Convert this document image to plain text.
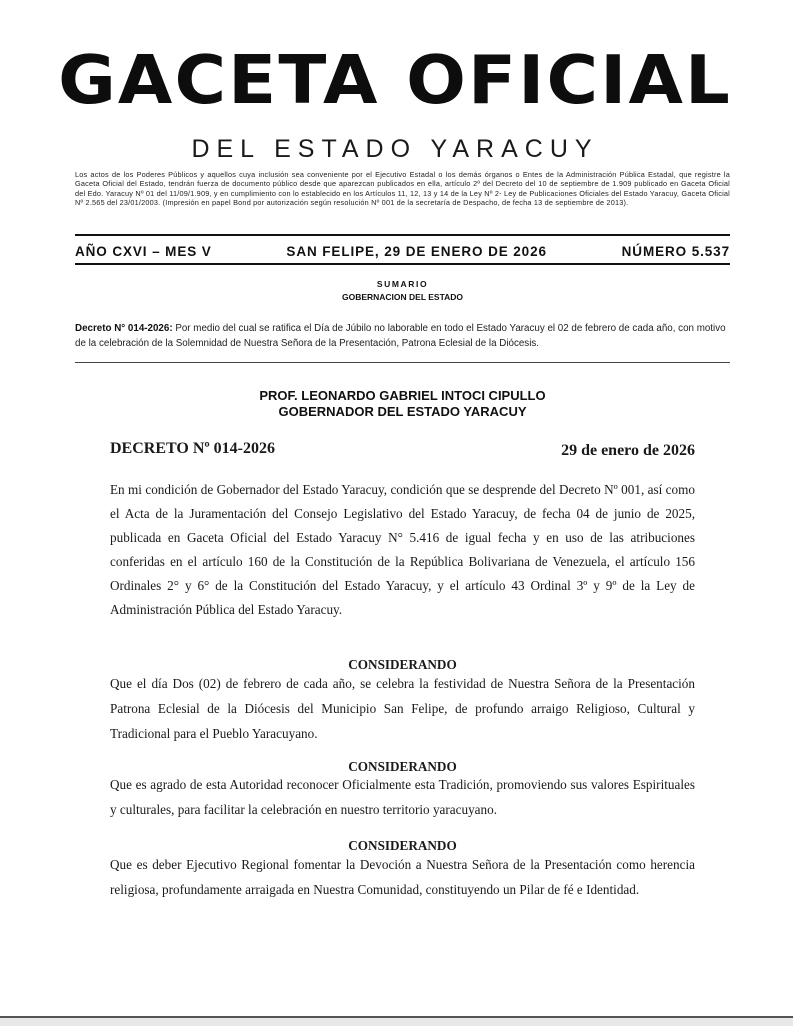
GACETA OFICIAL
DEL ESTADO YARACUY
Los actos de los Poderes Públicos y aquellos cuya inclusión sea conveniente por el Ejecutivo Estadal o los demás órganos o Entes de la Administración Pública Estadal, que registre la Gaceta Oficial del Estado, tendrán fuerza de documento público desde que aparezcan publicados en ella, artículo 2º del Decreto del 10 de septiembre de 1.909 publicado en Gaceta Oficial del Edo. Yaracuy Nº 01 del 11/09/1.909, y en cumplimiento con lo establecido en los Artículos 11, 12, 13 y 14 de la Ley Nº 2- Ley de Publicaciones Oficiales del Estado Yaracuy, Gaceta Oficial Nº 2.565 del 23/01/2003. (Impresión en papel Bond por autorización según resolución Nº 001 de la secretaría de Despacho, de fecha 13 de septiembre de 2013).
AÑO CXVI – MES V	SAN FELIPE, 29 DE ENERO DE 2026	NÚMERO 5.537
SUMARIO
GOBERNACION DEL ESTADO
Decreto N° 014-2026: Por medio del cual se ratifica el Día de Júbilo no laborable en todo el Estado Yaracuy el 02 de febrero de cada año, con motivo de la celebración de la Solemnidad de Nuestra Señora de la Presentación, Patrona Eclesial de la Diócesis.
PROF. LEONARDO GABRIEL INTOCI CIPULLO
GOBERNADOR DEL ESTADO YARACUY
DECRETO Nº 014-2026	29 de enero de 2026
En mi condición de Gobernador del Estado Yaracuy, condición que se desprende del Decreto Nº 001, así como el Acta de la Juramentación del Consejo Legislativo del Estado Yaracuy, de fecha 04 de junio de 2025, publicada en Gaceta Oficial del Estado Yaracuy N° 5.416 de igual fecha y en uso de las atribuciones conferidas en el artículo 160 de la Constitución de la República Bolivariana de Venezuela, el artículo 156 Ordinales 2° y 6° de la Constitución del Estado Yaracuy, y el artículo 43 Ordinal 3º y 9º de la Ley de Administración Pública del Estado Yaracuy.
CONSIDERANDO
Que el día Dos (02) de febrero de cada año, se celebra la festividad de Nuestra Señora de la Presentación Patrona Eclesial de la Diócesis del Municipio San Felipe, de profundo arraigo Religioso, Cultural y Tradicional para el Pueblo Yaracuyano.
CONSIDERANDO
Que es agrado de esta Autoridad reconocer Oficialmente esta Tradición, promoviendo sus valores Espirituales y culturales, para facilitar la celebración en nuestro territorio yaracuyano.
CONSIDERANDO
Que es deber Ejecutivo Regional fomentar la Devoción a Nuestra Señora de la Presentación como herencia religiosa, profundamente arraigada en Nuestra Comunidad, constituyendo un Pilar de fé e Identidad.
